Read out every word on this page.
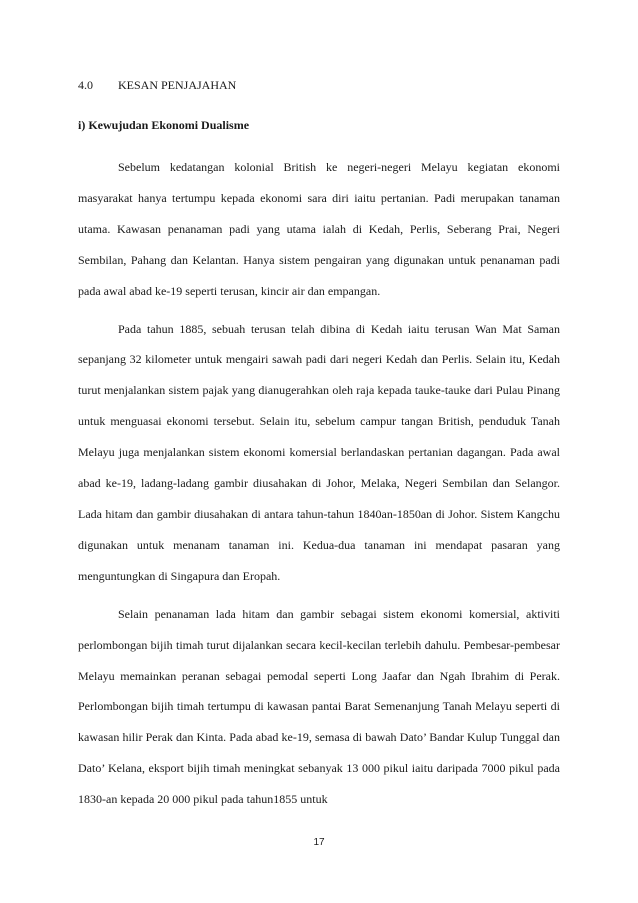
4.0 KESAN PENJAJAHAN
i) Kewujudan Ekonomi Dualisme

Sebelum kedatangan kolonial British ke negeri-negeri Melayu kegiatan ekonomi masyarakat hanya tertumpu kepada ekonomi sara diri iaitu pertanian. Padi merupakan tanaman utama. Kawasan penanaman padi yang utama ialah di Kedah, Perlis, Seberang Prai, Negeri Sembilan, Pahang dan Kelantan. Hanya sistem pengairan yang digunakan untuk penanaman padi pada awal abad ke-19 seperti terusan, kincir air dan empangan.

Pada tahun 1885, sebuah terusan telah dibina di Kedah iaitu terusan Wan Mat Saman sepanjang 32 kilometer untuk mengairi sawah padi dari negeri Kedah dan Perlis. Selain itu, Kedah turut menjalankan sistem pajak yang dianugerahkan oleh raja kepada tauke-tauke dari Pulau Pinang untuk menguasai ekonomi tersebut. Selain itu, sebelum campur tangan British, penduduk Tanah Melayu juga menjalankan sistem ekonomi komersial berlandaskan pertanian dagangan. Pada awal abad ke-19, ladang-ladang gambir diusahakan di Johor, Melaka, Negeri Sembilan dan Selangor. Lada hitam dan gambir diusahakan di antara tahun-tahun 1840an-1850an di Johor. Sistem Kangchu digunakan untuk menanam tanaman ini. Kedua-dua tanaman ini mendapat pasaran yang menguntungkan di Singapura dan Eropah.

Selain penanaman lada hitam dan gambir sebagai sistem ekonomi komersial, aktiviti perlombongan bijih timah turut dijalankan secara kecil-kecilan terlebih dahulu. Pembesar-pembesar Melayu memainkan peranan sebagai pemodal seperti Long Jaafar dan Ngah Ibrahim di Perak. Perlombongan bijih timah tertumpu di kawasan pantai Barat Semenanjung Tanah Melayu seperti di kawasan hilir Perak dan Kinta. Pada abad ke-19, semasa di bawah Dato’ Bandar Kulup Tunggal dan Dato’ Kelana, eksport bijih timah meningkat sebanyak 13 000 pikul iaitu daripada 7000 pikul pada 1830-an kepada 20 000 pikul pada tahun1855 untuk

17
